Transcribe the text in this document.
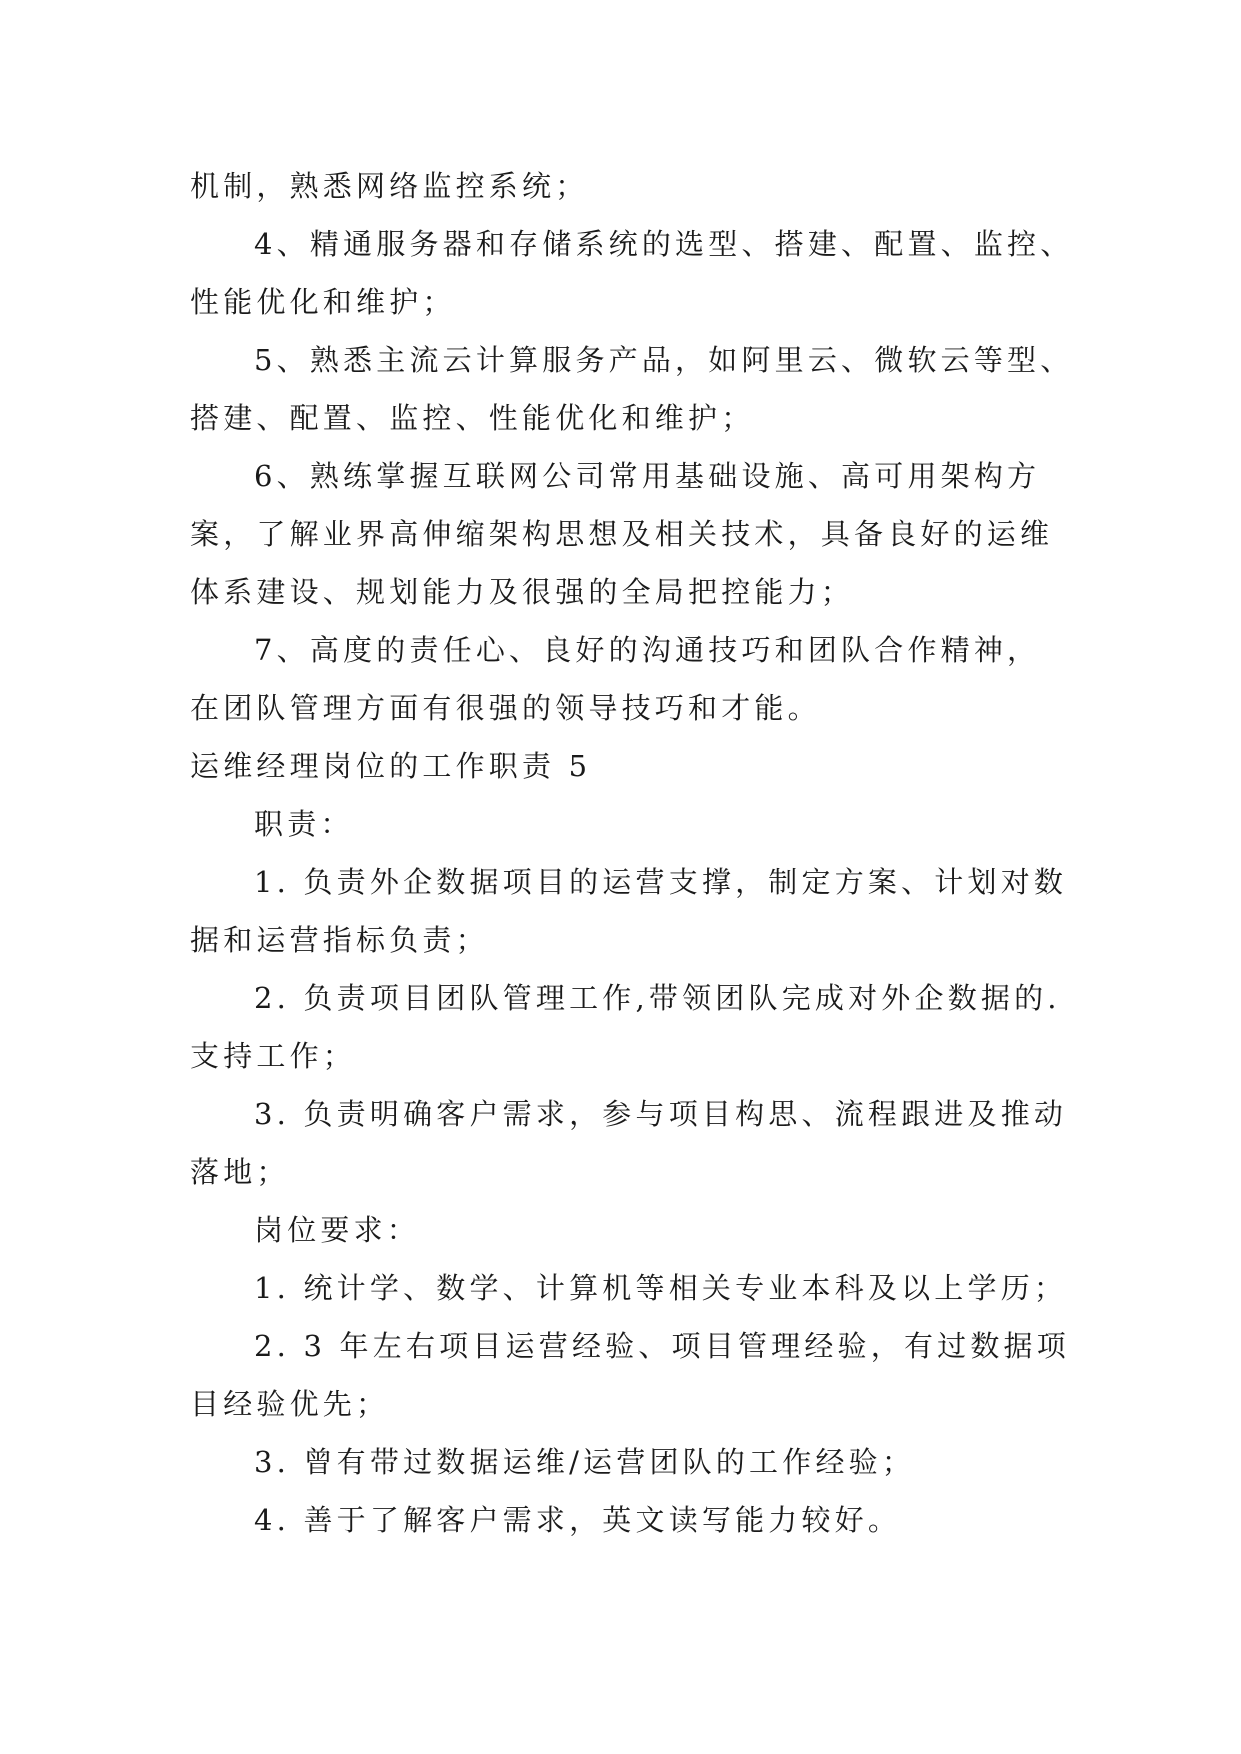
机制，熟悉网络监控系统；
4、精通服务器和存储系统的选型、搭建、配置、监控、
性能优化和维护；
5、熟悉主流云计算服务产品，如阿里云、微软云等型、
搭建、配置、监控、性能优化和维护；
6、熟练掌握互联网公司常用基础设施、高可用架构方
案，了解业界高伸缩架构思想及相关技术，具备良好的运维
体系建设、规划能力及很强的全局把控能力；
7、高度的责任心、良好的沟通技巧和团队合作精神，
在团队管理方面有很强的领导技巧和才能。
运维经理岗位的工作职责 5
职责：
1. 负责外企数据项目的运营支撑，制定方案、计划对数
据和运营指标负责；
2. 负责项目团队管理工作,带领团队完成对外企数据的.
支持工作；
3. 负责明确客户需求，参与项目构思、流程跟进及推动
落地；
岗位要求：
1. 统计学、数学、计算机等相关专业本科及以上学历；
2. 3 年左右项目运营经验、项目管理经验，有过数据项
目经验优先；
3. 曾有带过数据运维/运营团队的工作经验；
4. 善于了解客户需求，英文读写能力较好。
